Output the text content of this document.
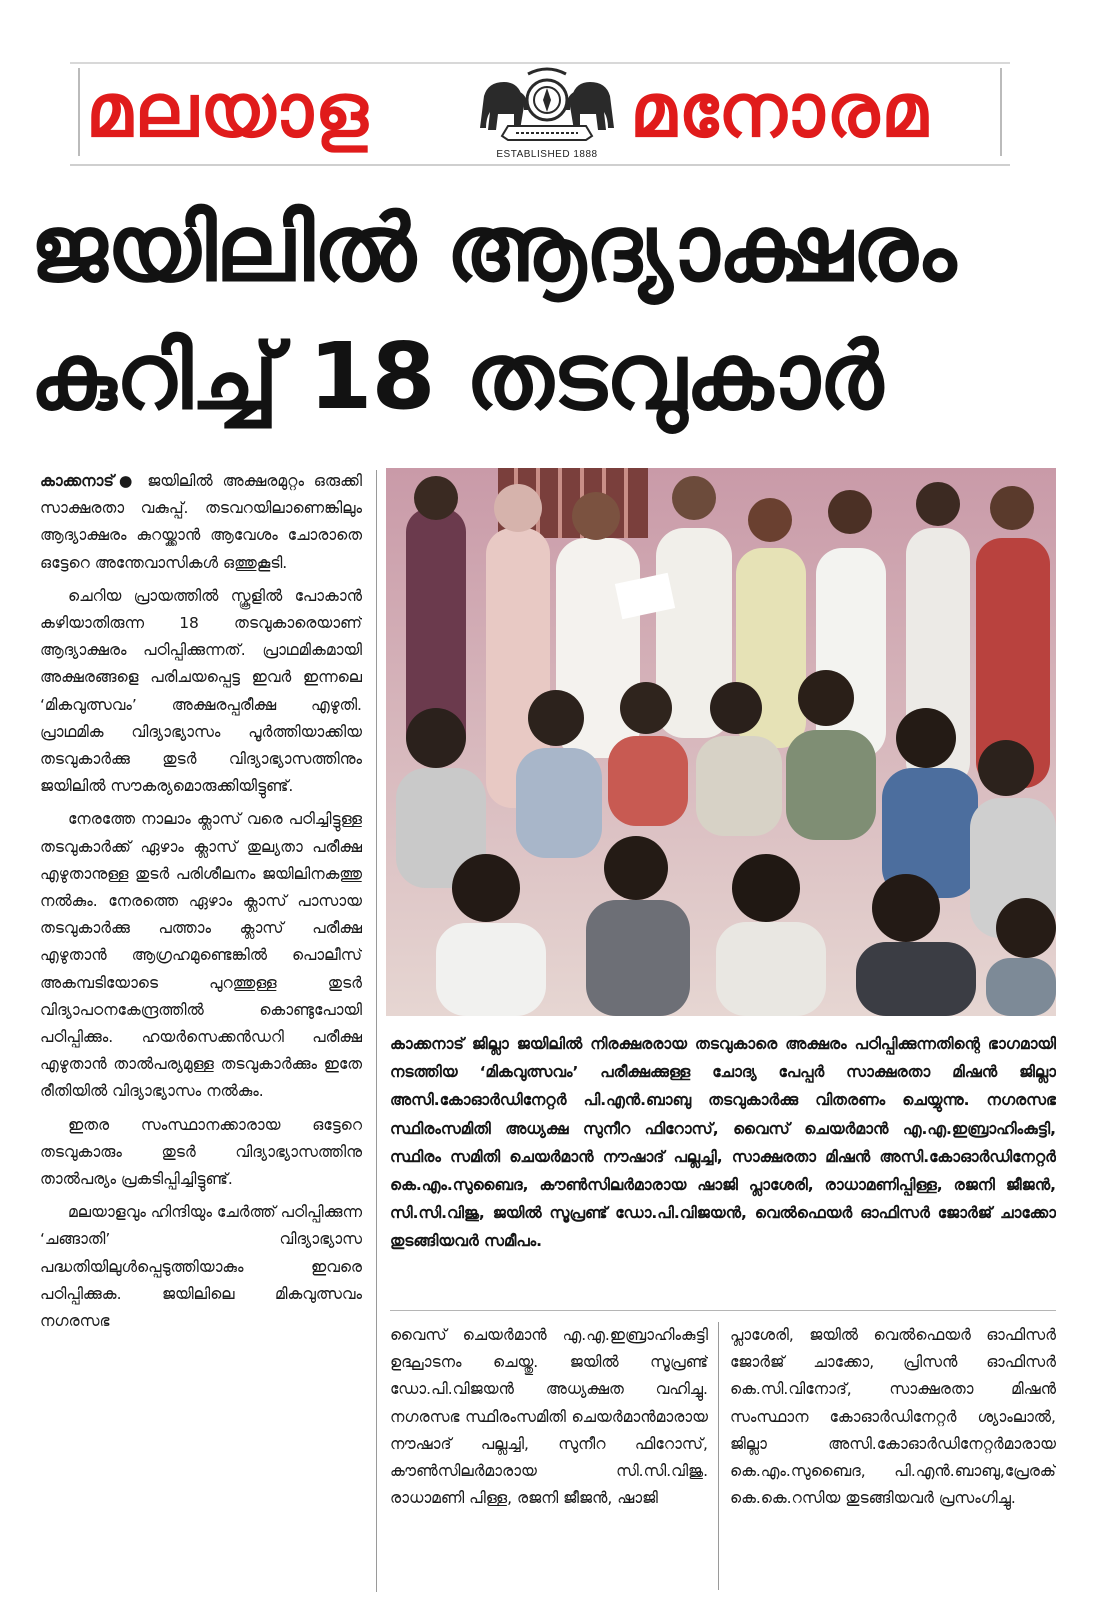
മലയാള
ESTABLISHED 1888
മനോരമ
ജയിലിൽ ആദ്യാക്ഷരം
കുറിച്ച് 18 തടവുകാർ

കാക്കനാട്● ജയിലിൽ അക്ഷരമുറ്റം ഒരുക്കി സാക്ഷരതാ വകുപ്പ്. തടവറയിലാണെങ്കിലും ആദ്യാക്ഷരം കുറയ്ക്കാൻ ആവേശം ചോരാതെ ഒട്ടേറെ അന്തേവാസികൾ ഒത്തുകൂടി.

ചെറിയ പ്രായത്തിൽ സ്കൂളിൽ പോകാൻ കഴിയാതിരുന്ന 18 തടവുകാരെയാണ് ആദ്യാക്ഷരം പഠിപ്പിക്കുന്നത്. പ്രാഥമികമായി അക്ഷരങ്ങളെ പരിചയപ്പെട്ട ഇവർ ഇന്നലെ ‘മികവുത്സവം’ അക്ഷരപ്പരീക്ഷ എഴുതി. പ്രാഥമിക വിദ്യാഭ്യാസം പൂർത്തിയാക്കിയ തടവുകാർക്കു തുടർ വിദ്യാഭ്യാസത്തിനും ജയിലിൽ സൗകര്യമൊരുക്കിയിട്ടുണ്ട്.

നേരത്തേ നാലാം ക്ലാസ് വരെ പഠിച്ചിട്ടുള്ള തടവുകാർക്ക് ഏഴാം ക്ലാസ് തുല്യതാ പരീക്ഷ എഴുതാനുള്ള തുടർ പരിശീലനം ജയിലിനകത്തു നൽകും. നേരത്തെ ഏഴാം ക്ലാസ് പാസായ തടവുകാർക്കു പത്താം ക്ലാസ് പരീക്ഷ എഴുതാൻ ആഗ്രഹമുണ്ടെങ്കിൽ പൊലീസ് അകമ്പടിയോടെ പുറത്തുള്ള തുടർ വിദ്യാപഠനകേന്ദ്രത്തിൽ കൊണ്ടുപോയി പഠിപ്പിക്കും. ഹയർസെക്കൻഡറി പരീക്ഷ എഴുതാൻ താൽപര്യമുള്ള തടവുകാർക്കും ഇതേ രീതിയിൽ വിദ്യാഭ്യാസം നൽകും.

ഇതര സംസ്ഥാനക്കാരായ ഒട്ടേറെ തടവുകാരും തുടർ വിദ്യാഭ്യാസത്തിനു താൽപര്യം പ്രകടിപ്പിച്ചിട്ടുണ്ട്.

മലയാളവും ഹിന്ദിയും ചേർത്ത് പഠിപ്പിക്കുന്ന ‘ചങ്ങാതി’ വിദ്യാഭ്യാസ പദ്ധതിയിലുൾപ്പെടുത്തിയാകും ഇവരെ പഠിപ്പിക്കുക. ജയിലിലെ മികവുത്സവം നഗരസഭ

കാക്കനാട് ജില്ലാ ജയിലിൽ നിരക്ഷരരായ തടവുകാരെ അക്ഷരം പഠിപ്പിക്കുന്നതിന്റെ ഭാഗമായി നടത്തിയ ‘മികവുത്സവം’ പരീക്ഷക്കുള്ള ചോദ്യ പേപ്പർ സാക്ഷരതാ മിഷൻ ജില്ലാ അസി.കോഓർഡിനേറ്റർ പി.എൻ.ബാബു തടവുകാർക്കു വിതരണം ചെയ്യുന്നു. നഗരസഭ സ്ഥിരംസമിതി അധ്യക്ഷ സുനീറ ഫിറോസ്, വൈസ് ചെയർമാൻ എ.എ.ഇബ്രാഹിംകുട്ടി, സ്ഥിരം സമിതി ചെയർമാൻ നൗഷാദ് പല്ലച്ചി, സാക്ഷരതാ മിഷൻ അസി.കോഓർഡിനേറ്റർ കെ.എം.സുബൈദ, കൗൺസിലർമാരായ ഷാജി പ്ലാശേരി, രാധാമണിപ്പിള്ള, രജനി ജീജൻ, സി.സി.വിജു, ജയിൽ സൂപ്രണ്ട് ഡോ.പി.വിജയൻ, വെൽഫെയർ ഓഫിസർ ജോർജ് ചാക്കോ തുടങ്ങിയവർ സമീപം.

വൈസ് ചെയർമാൻ എ.എ.ഇബ്രാഹിംകുട്ടി ഉദ്ഘാടനം ചെയ്തു. ജയിൽ സൂപ്രണ്ട് ഡോ.പി.വിജയൻ അധ്യക്ഷത വഹിച്ചു. നഗരസഭ സ്ഥിരംസമിതി ചെയർമാൻമാരായ നൗഷാദ് പല്ലച്ചി, സുനീറ ഫിറോസ്, കൗൺസിലർമാരായ സി.സി.വിജു. രാധാമണി പിള്ള, രജനി ജീജൻ, ഷാജി

പ്ലാശേരി, ജയിൽ വെൽഫെയർ ഓഫിസർ ജോർജ് ചാക്കോ, പ്രിസൻ ഓഫിസർ കെ.സി.വിനോദ്, സാക്ഷരതാ മിഷൻ സംസ്ഥാന കോഓർഡിനേറ്റർ ശ്യാംലാൽ, ജില്ലാ അസി.കോഓർഡിനേറ്റർമാരായ കെ.എം.സുബൈദ, പി.എൻ.ബാബു,പ്രേരക് കെ.കെ.റസിയ തുടങ്ങിയവർ പ്രസംഗിച്ചു.
